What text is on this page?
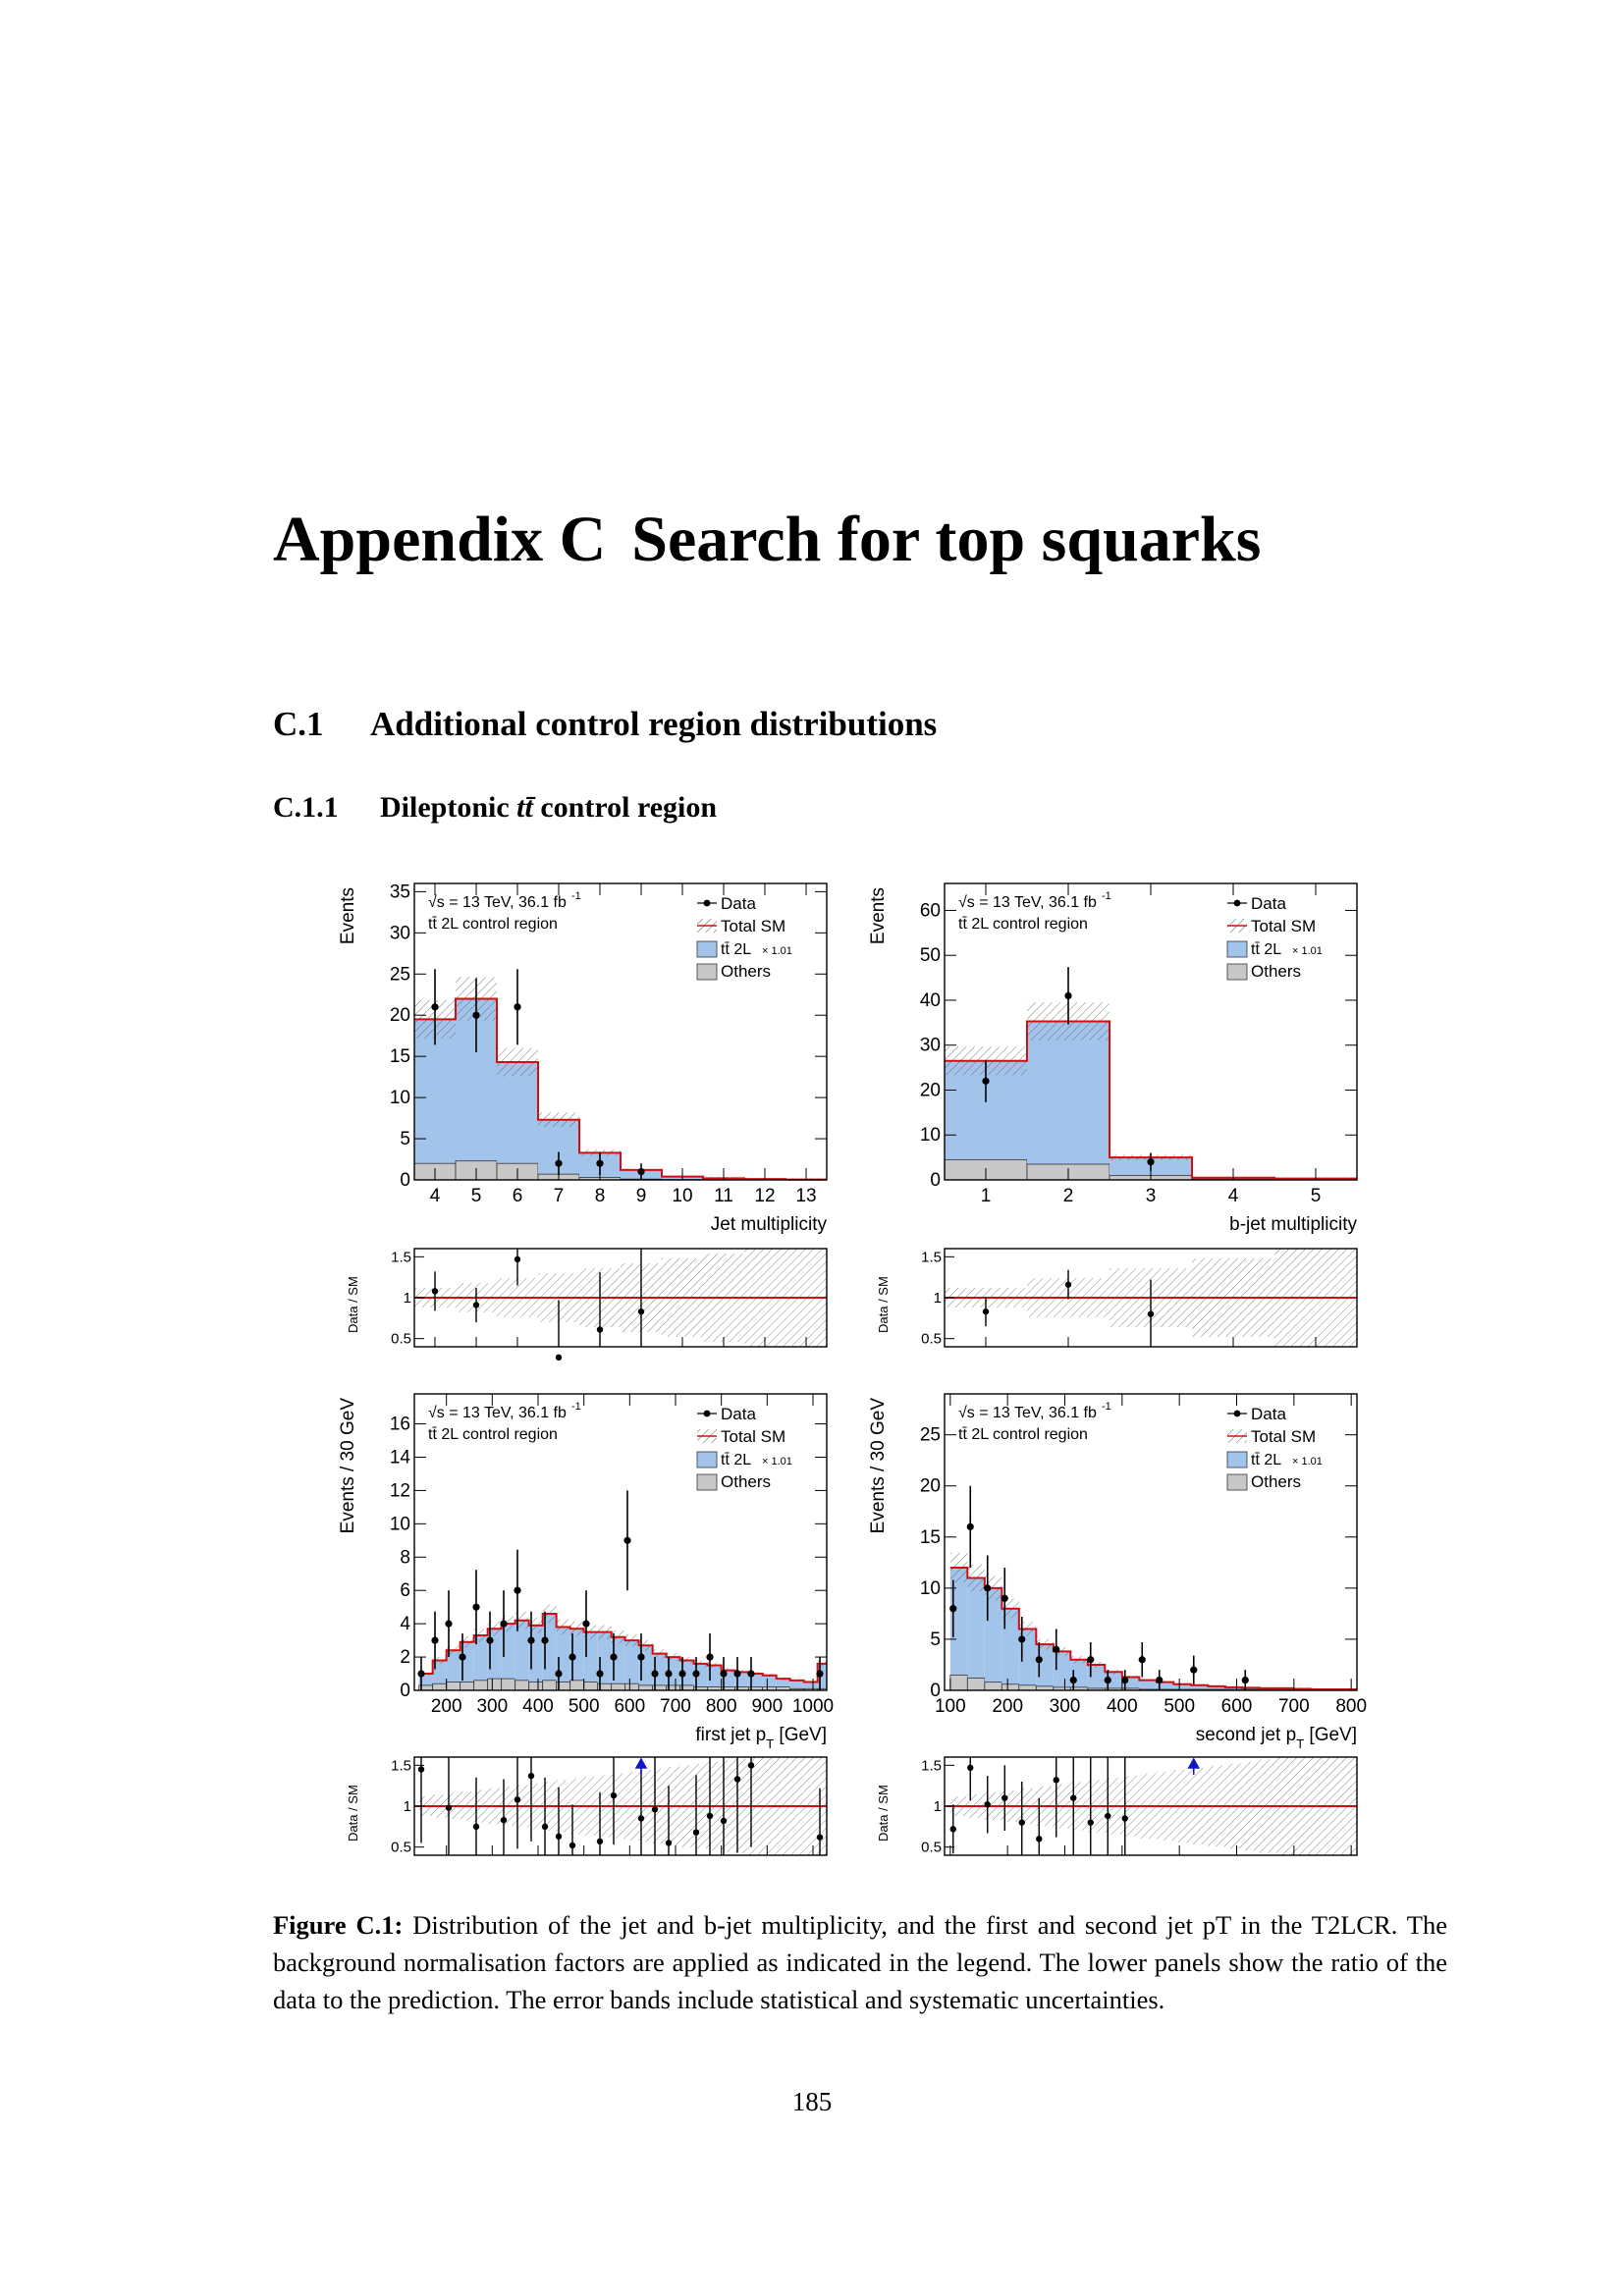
Appendix C Search for top squarks
C.1 Additional control region distributions
C.1.1 Dileptonic tt̄ control region
0
5
10
15
20
25
30
35
4 5 6 7 8 9 10 11 12 13
Jet multiplicity
Events	√s = 13 TeV, 36.1 fb -1
tt̄ 2L control region
Data
Total SM
tt̄ 2L × 1.01
Others
0.5
1
1.5
Data / SM
0
10
20
30
40
50
60
1	2	3	4	5
b-jet multiplicity
Events	√s = 13 TeV, 36.1 fb -1
tt̄ 2L control region
Data
Total SM
tt̄ 2L × 1.01
Others
0.5
1
1.5
Data / SM
0
2
4
6
8
10
12
14
16
200 300 400 500 600 700 800 900 1000
first jet $p_T$ [GeV]
Events / 30 GeV	√s = 13 TeV, 36.1 fb -1
tt̄ 2L control region
Data
Total SM
tt̄ 2L × 1.01
Others
0.5
1
1.5
Data / SM
0
5
10
15
20
25
100 200 300 400 500 600 700 800
second jet $p_T$ [GeV]
Events / 30 GeV	√s = 13 TeV, 36.1 fb -1
tt̄ 2L control region
Data
Total SM
tt̄ 2L × 1.01
Others
0.5
1
1.5
Data / SM

Figure C.1: Distribution of the jet and b-jet multiplicity, and the first and second jet pT in the T2LCR. The background normalisation factors are applied as indicated in the legend. The lower panels show the ratio of the data to the prediction. The error bands include statistical and systematic uncertainties.

185
